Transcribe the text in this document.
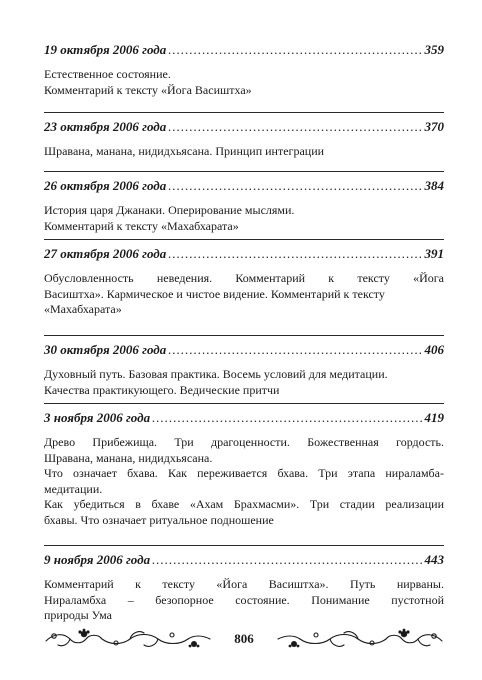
19 октября 2006 года .....	359
Естественное состояние.
Комментарий к тексту «Йога Васиштха»
23 октября 2006 года .....	370
Шравана, манана, нидидхьясана. Принцип интеграции
26 октября 2006 года .....	384
История царя Джанаки. Оперирование мыслями.
Комментарий к тексту «Махабхарата»
27 октября 2006 года .....	391
Обусловленность неведения. Комментарий к тексту «Йога
Васиштха». Кармическое и чистое видение. Комментарий к тексту
«Махабхарата»
30 октября 2006 года .....	406
Духовный путь. Базовая практика. Восемь условий для медитации.
Качества практикующего. Ведические притчи
3 ноября 2006 года .....	419
Древо Прибежища. Три драгоценности. Божественная гордость.
Шравана, манана, нидидхьясана.
Что означает бхава. Как переживается бхава. Три этапа нираламба-
медитации.
Как убедиться в бхаве «Ахам Брахмасми». Три стадии реализации
бхавы. Что означает ритуальное подношение
9 ноября 2006 года .....	443
Комментарий к тексту «Йога Васиштха». Путь нирваны.
Нираламбха – безопорное состояние. Понимание пустотной
природы Ума
806
